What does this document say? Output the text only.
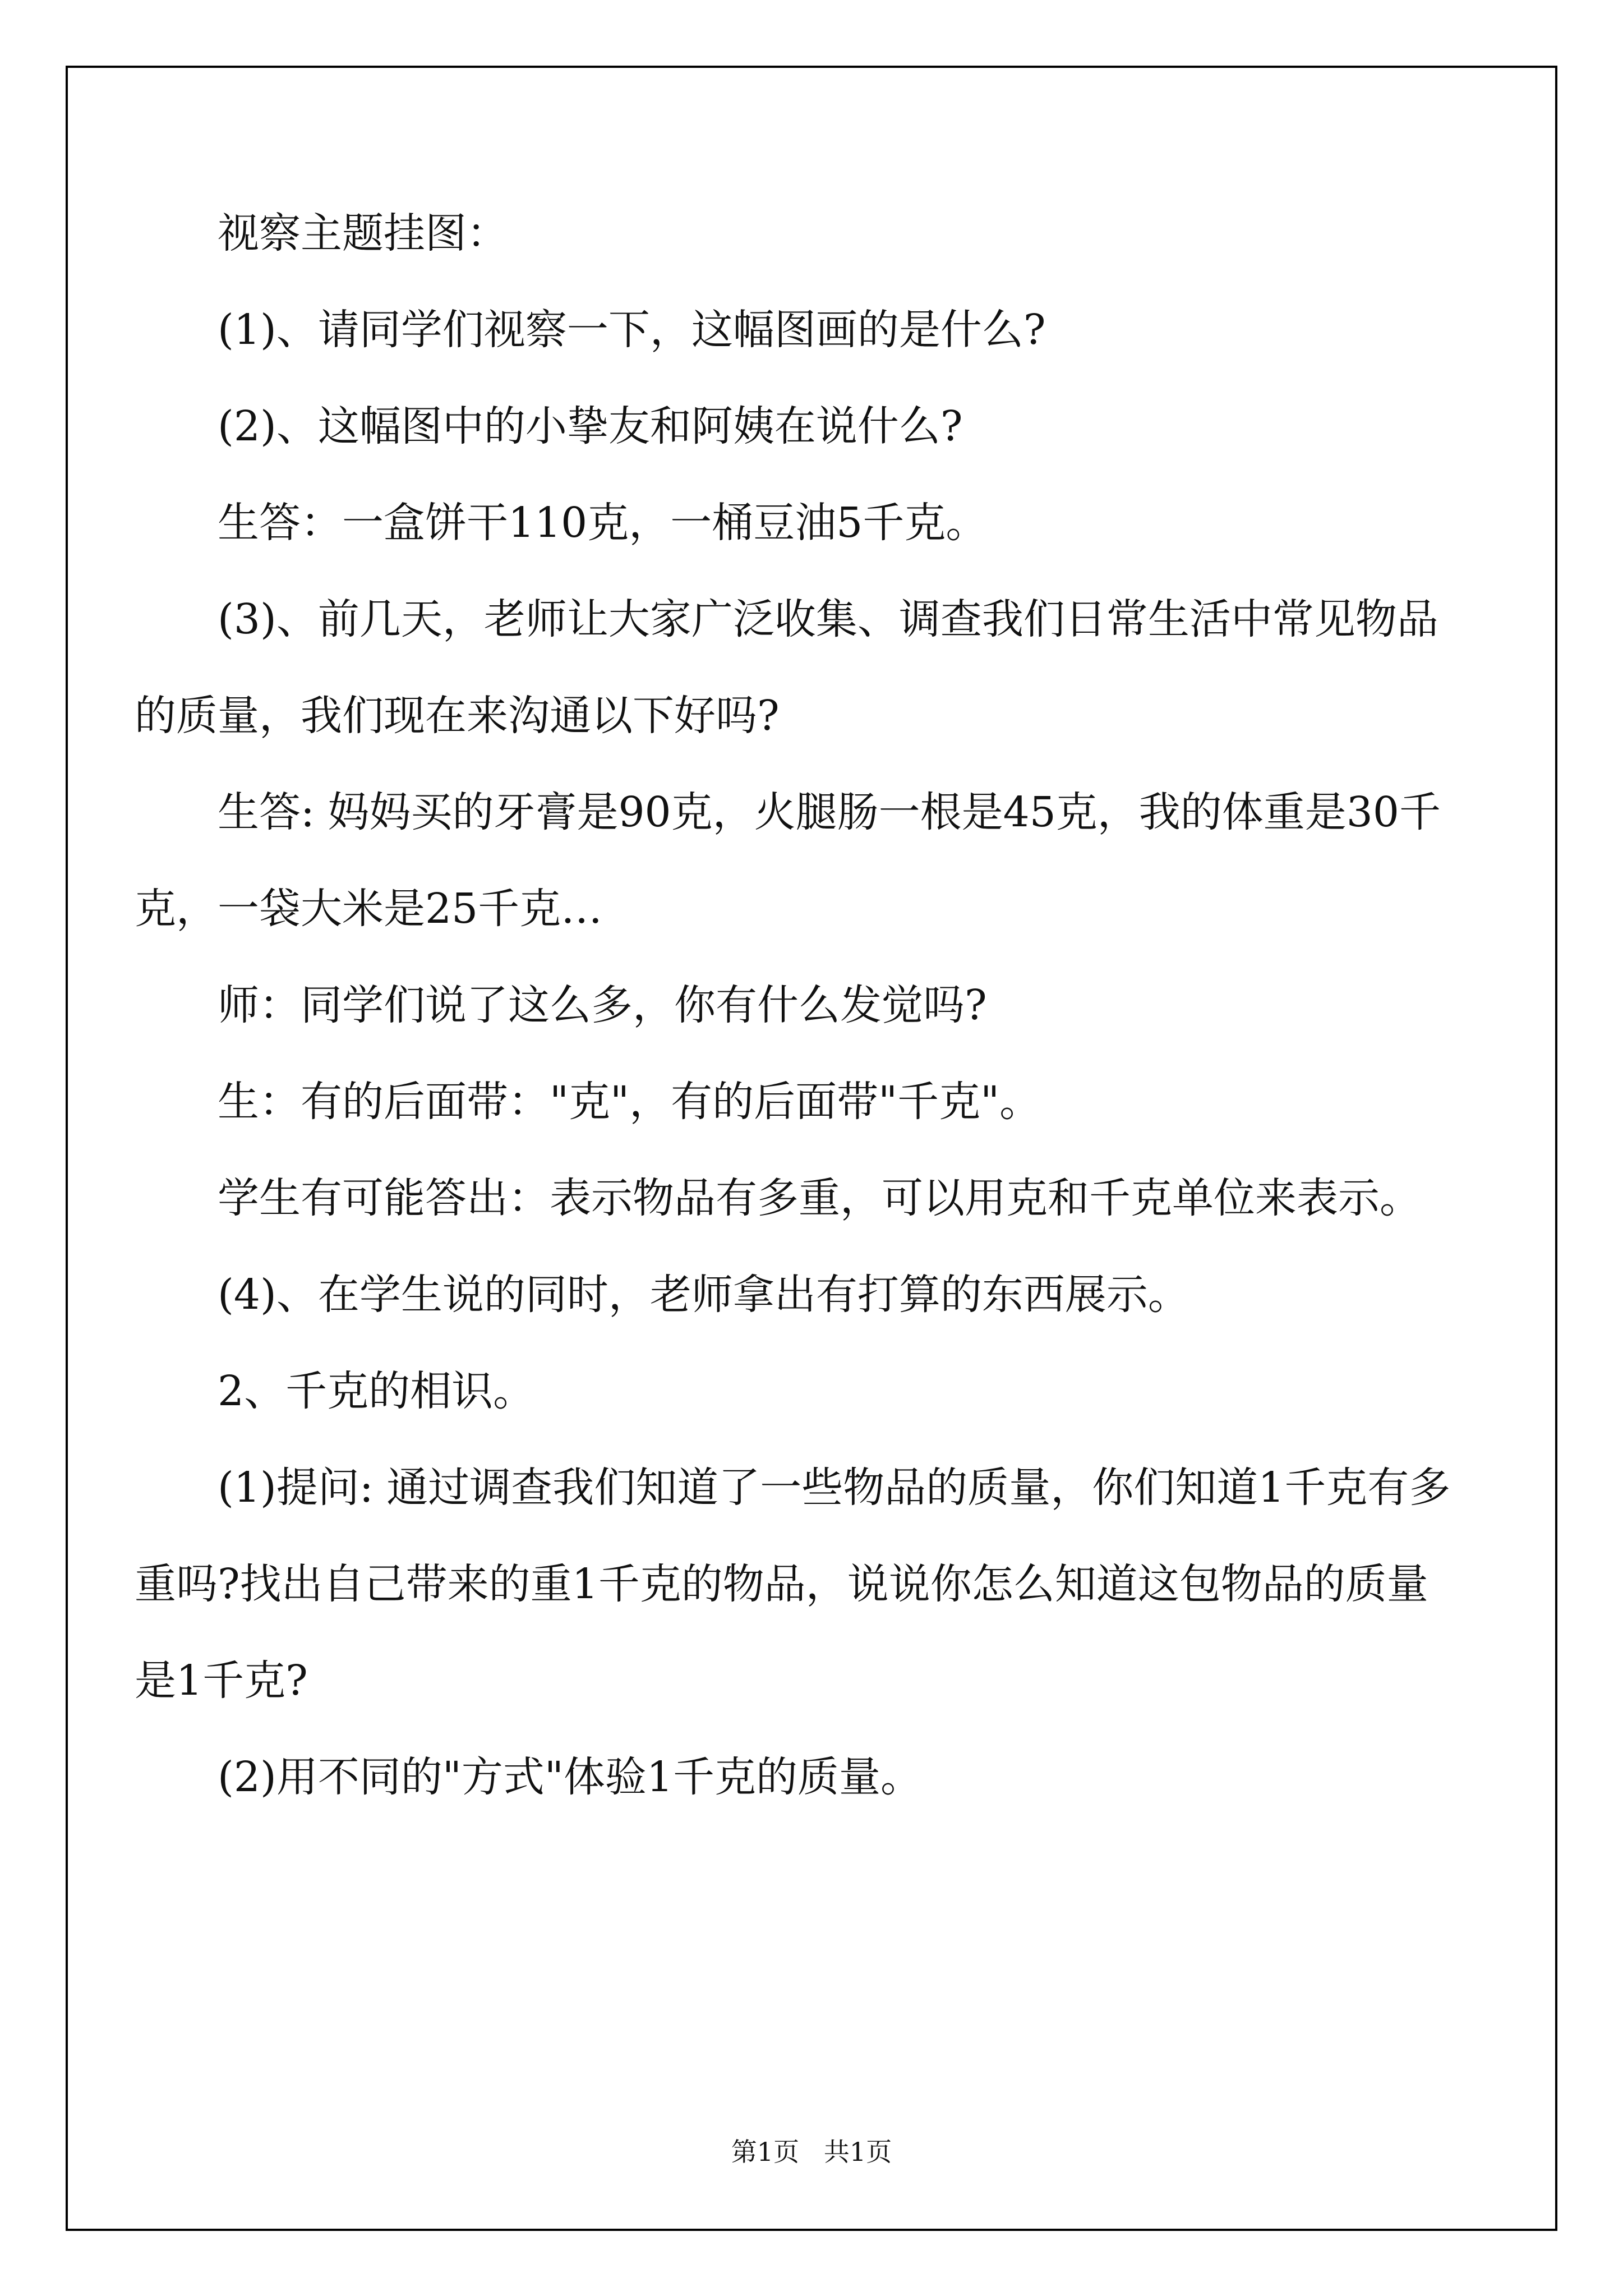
视察主题挂图：

(1)、请同学们视察一下，这幅图画的是什么?

(2)、这幅图中的小挚友和阿姨在说什么?

生答：一盒饼干110克，一桶豆油5千克。

(3)、前几天，老师让大家广泛收集、调查我们日常生活中常见物品的质量，我们现在来沟通以下好吗?

生答: 妈妈买的牙膏是90克，火腿肠一根是45克，我的体重是30千克，一袋大米是25千克…

师：同学们说了这么多，你有什么发觉吗?

生：有的后面带："克"，有的后面带"千克"。

学生有可能答出：表示物品有多重，可以用克和千克单位来表示。

(4)、在学生说的同时，老师拿出有打算的东西展示。

2、千克的相识。

(1)提问: 通过调查我们知道了一些物品的质量，你们知道1千克有多重吗?找出自己带来的重1千克的物品，说说你怎么知道这包物品的质量是1千克?

(2)用不同的"方式"体验1千克的质量。

第1页   共1页
